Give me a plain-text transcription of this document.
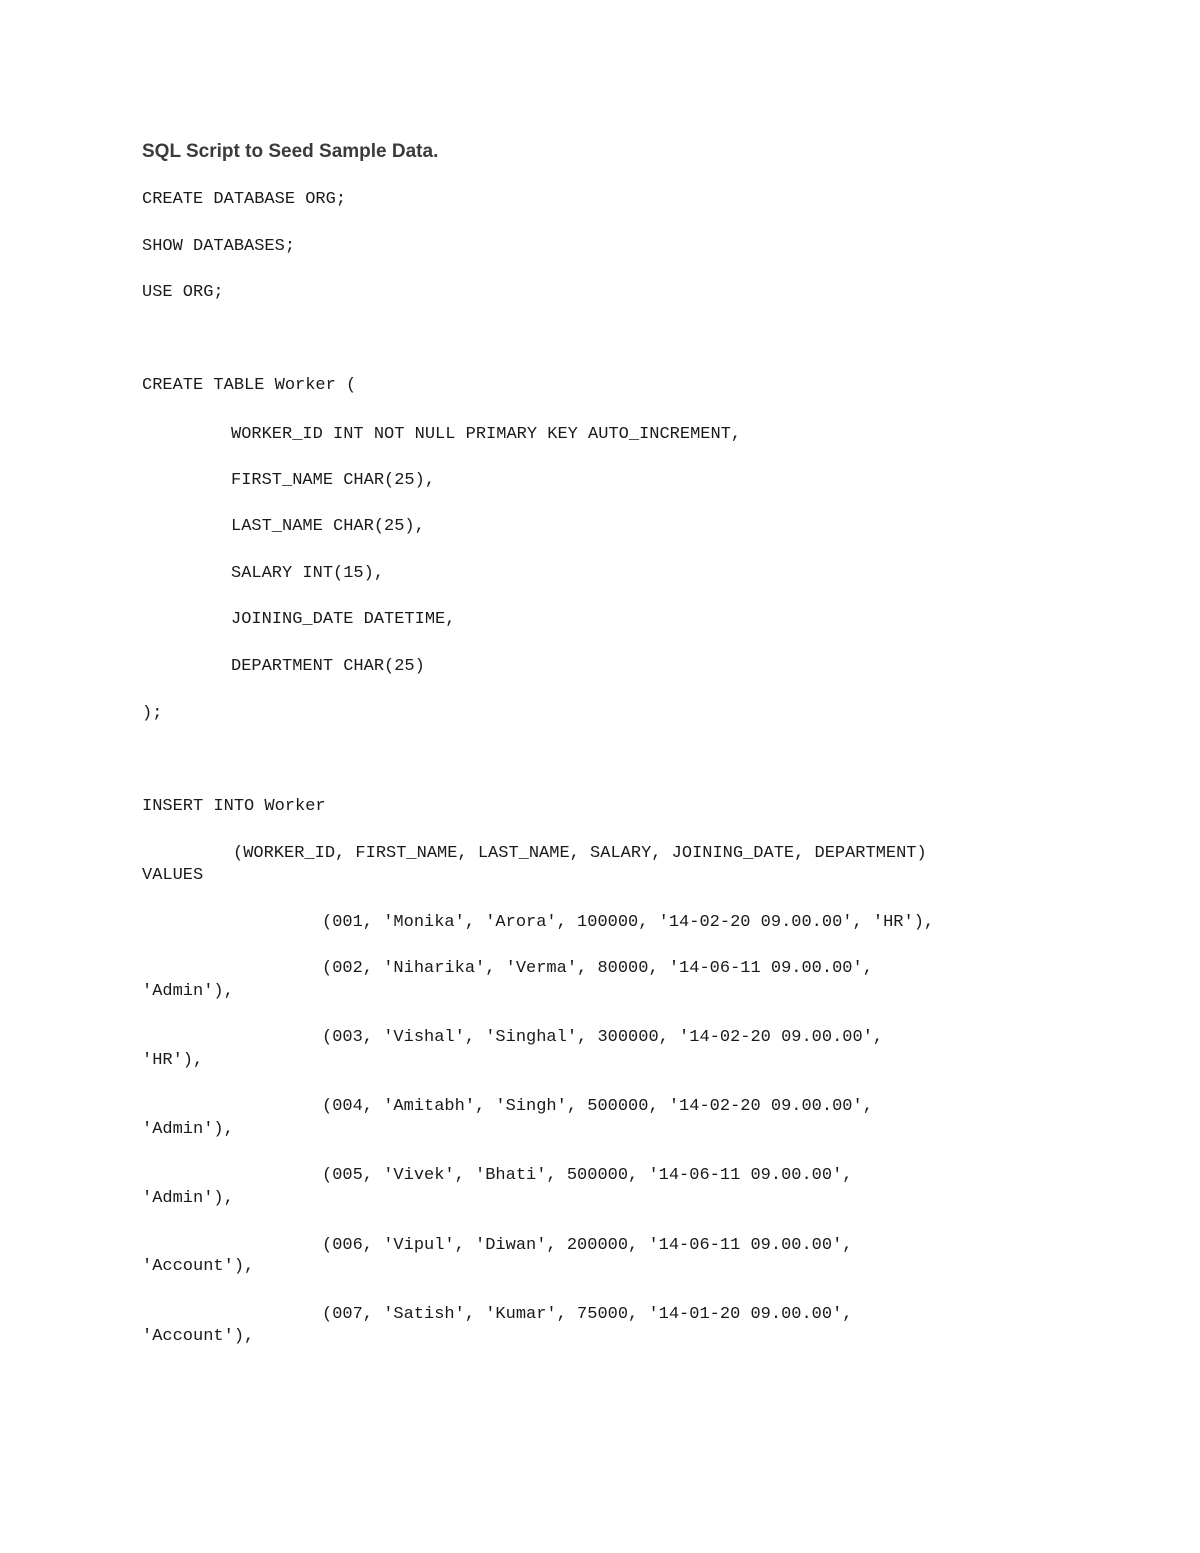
SQL Script to Seed Sample Data.
CREATE DATABASE ORG;
SHOW DATABASES;
USE ORG;
CREATE TABLE Worker (
WORKER_ID INT NOT NULL PRIMARY KEY AUTO_INCREMENT,
FIRST_NAME CHAR(25),
LAST_NAME CHAR(25),
SALARY INT(15),
JOINING_DATE DATETIME,
DEPARTMENT CHAR(25)
);
INSERT INTO Worker
(WORKER_ID, FIRST_NAME, LAST_NAME, SALARY, JOINING_DATE, DEPARTMENT)
VALUES
(001, 'Monika', 'Arora', 100000, '14-02-20 09.00.00', 'HR'),
(002, 'Niharika', 'Verma', 80000, '14-06-11 09.00.00',
'Admin'),
(003, 'Vishal', 'Singhal', 300000, '14-02-20 09.00.00',
'HR'),
(004, 'Amitabh', 'Singh', 500000, '14-02-20 09.00.00',
'Admin'),
(005, 'Vivek', 'Bhati', 500000, '14-06-11 09.00.00',
'Admin'),
(006, 'Vipul', 'Diwan', 200000, '14-06-11 09.00.00',
'Account'),
(007, 'Satish', 'Kumar', 75000, '14-01-20 09.00.00',
'Account'),
